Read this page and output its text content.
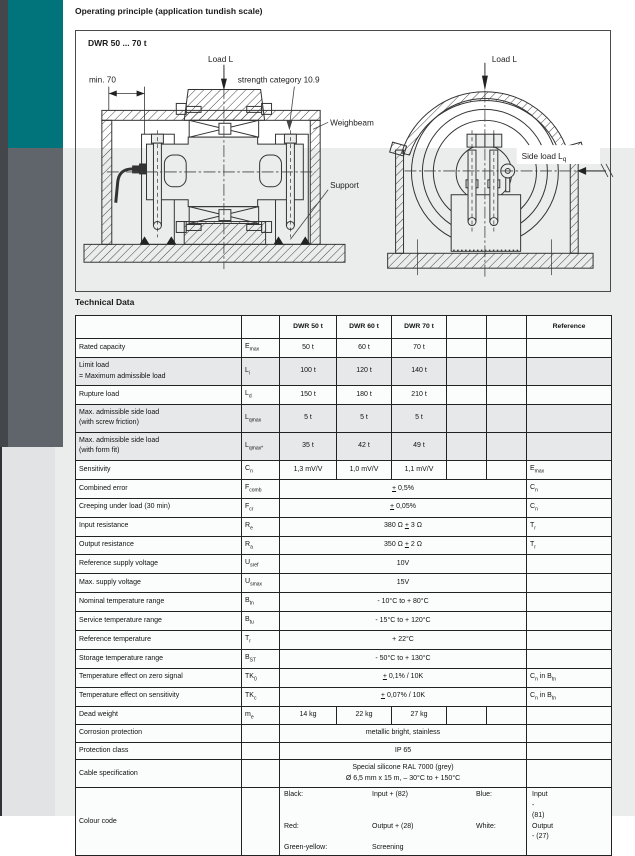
Operating principle (application tundish scale)
DWR 50 ... 70 t
Load L
min. 70	strength category 10.9
Weighbeam
Support
Load L
Side load $L_q$
Technical Data
		DWR 50 t	DWR 60 t	DWR 70 t			Reference
Rated capacity	$E_{max}$	50 t	60 t	70 t			
Limit load
= Maximum admissible load	$L_i$	100 t	120 t	140 t			
Rupture load	$L_d$	150 t	180 t	210 t			
Max. admissible side load
(with screw friction)	$L_{qmax}$	5 t	5 t	5 t			
Max. admissible side load
(with form fit)	$L_{qmax*}$	35 t	42 t	49 t			
Sensitivity	$C_n$	1,3 mV/V	1,0 mV/V	1,1 mV/V			$E_{max}$
Combined error	$F_{comb}$	+ 0,5%					$C_n$
Creeping under load (30 min)	$F_{cr}$	+ 0,05%					$C_n$
Input resistance	$R_e$	380 Ω + 3 Ω					$T_r$
Output resistance	$R_a$	350 Ω + 2 Ω					$T_r$
Reference supply voltage	$U_{sref}$	10V					
Max. supply voltage	$U_{smax}$	15V					
Nominal temperature range	$B_{tn}$	- 10°C to + 80°C					
Service temperature range	$B_{tu}$	- 15°C to + 120°C					
Reference temperature	$T_r$	+ 22°C					
Storage temperature range	$B_{ST}$	- 50°C to + 130°C					
Temperature effect on zero signal	$TK_0$	+ 0,1% / 10K					$C_n$ in $B_{tn}$
Temperature effect on sensitivity	$TK_c$	+ 0,07% / 10K					$C_n$ in $B_{tn}$
Dead weight	$m_e$	14 kg	22 kg	27 kg			
Corrosion protection		metallic bright, stainless					
Protection class		IP 65					
Cable specification		Special silicone RAL 7000 (grey)
Ø 6,5 mm x 15 m, – 30°C to + 150°C					
Colour code		
Black:	Input + (82)	Blue:	Input - (81)
Red:	Output + (28)	White:	Output - (27)
Green-yellow:	Screening
